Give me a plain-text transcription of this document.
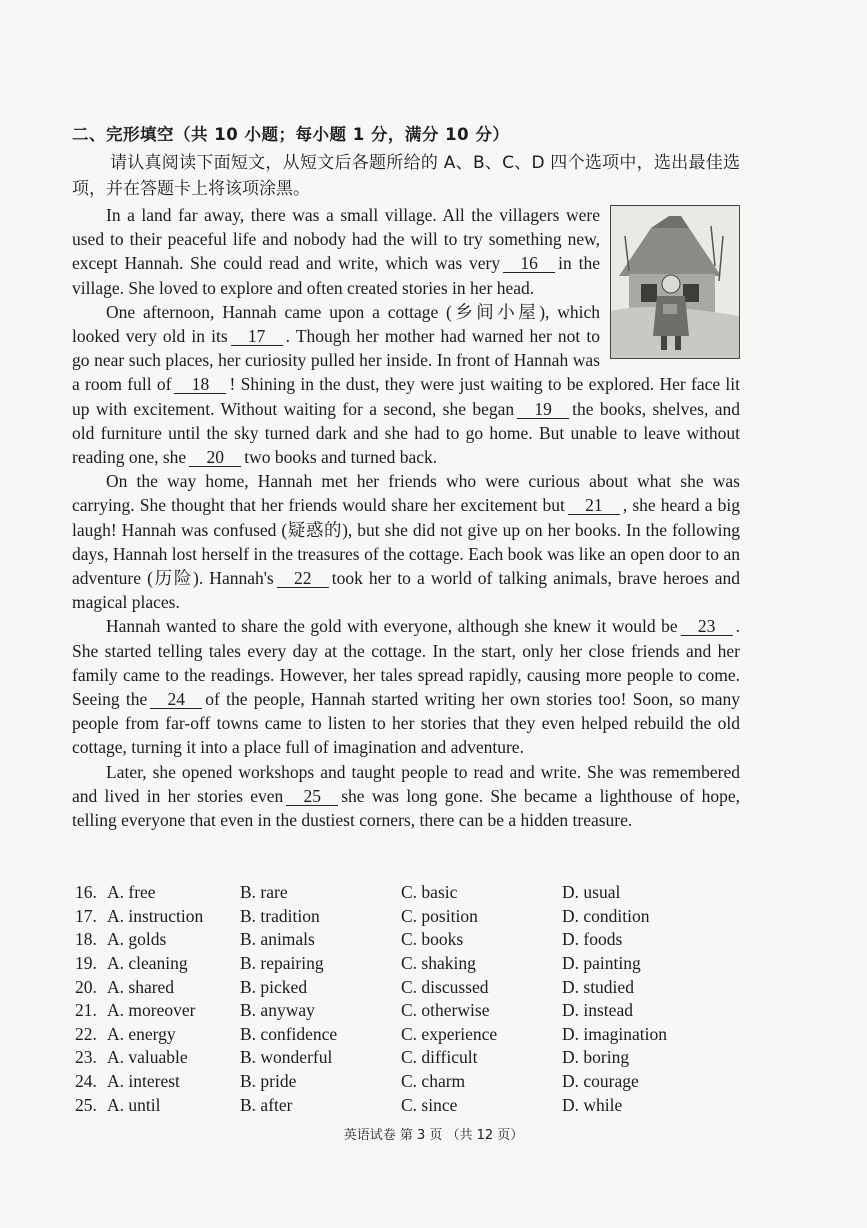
二、完形填空（共 10 小题；每小题 1 分，满分 10 分）
请认真阅读下面短文，从短文后各题所给的 A、B、C、D 四个选项中，选出最佳选项，并在答题卡上将该项涂黑。

In a land far away, there was a small village. All the villagers were used to their peaceful life and nobody had the will to try something new, except Hannah. She could read and write, which was very 16 in the village. She loved to explore and often created stories in her head.

One afternoon, Hannah came upon a cottage (乡间小屋), which looked very old in its 17 . Though her mother had warned her not to go near such places, her curiosity pulled her inside. In front of Hannah was a room full of 18 ! Shining in the dust, they were just waiting to be explored. Her face lit up with excitement. Without waiting for a second, she began 19 the books, shelves, and old furniture until the sky turned dark and she had to go home. But unable to leave without reading one, she 20 two books and turned back.

On the way home, Hannah met her friends who were curious about what she was carrying. She thought that her friends would share her excitement but 21 , she heard a big laugh! Hannah was confused (疑惑的), but she did not give up on her books. In the following days, Hannah lost herself in the treasures of the cottage. Each book was like an open door to an adventure (历险). Hannah's 22 took her to a world of talking animals, brave heroes and magical places.

Hannah wanted to share the gold with everyone, although she knew it would be 23 . She started telling tales every day at the cottage. In the start, only her close friends and her family came to the readings. However, her tales spread rapidly, causing more people to come. Seeing the 24 of the people, Hannah started writing her own stories too! Soon, so many people from far-off towns came to listen to her stories that they even helped rebuild the old cottage, turning it into a place full of imagination and adventure.

Later, she opened workshops and taught people to read and write. She was remembered and lived in her stories even 25 she was long gone. She became a lighthouse of hope, telling everyone that even in the dustiest corners, there can be a hidden treasure.

16. A. free	B. rare	C. basic	D. usual
17. A. instruction	B. tradition	C. position	D. condition
18. A. golds	B. animals	C. books	D. foods
19. A. cleaning	B. repairing	C. shaking	D. painting
20. A. shared	B. picked	C. discussed	D. studied
21. A. moreover	B. anyway	C. otherwise	D. instead
22. A. energy	B. confidence	C. experience	D. imagination
23. A. valuable	B. wonderful	C. difficult	D. boring
24. A. interest	B. pride	C. charm	D. courage
25. A. until	B. after	C. since	D. while
英语试卷 第 3 页 （共 12 页）
